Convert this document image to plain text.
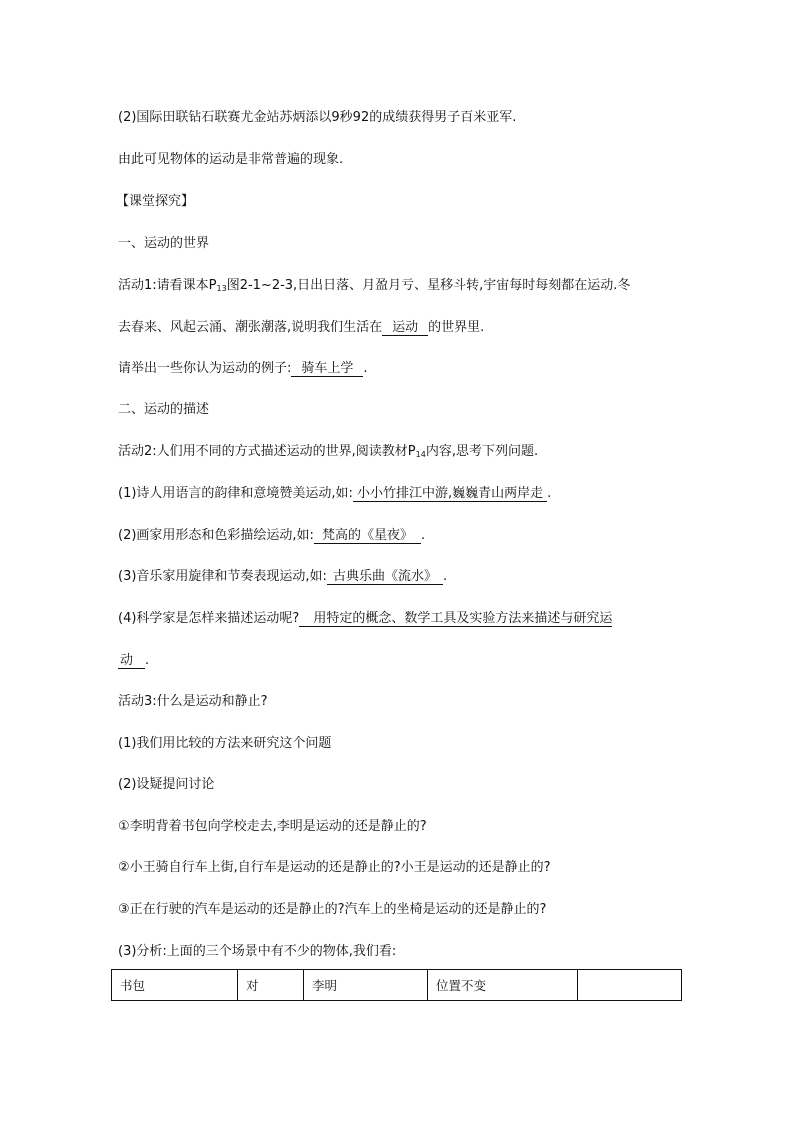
(2)国际田联钻石联赛尤金站苏炳添以9秒92的成绩获得男子百米亚军.
由此可见物体的运动是非常普遍的现象.
【课堂探究】
一、运动的世界
活动1:请看课本$P_{13}$图2-1~2-3,日出日落、月盈月亏、星移斗转,宇宙每时每刻都在运动.冬
去春来、风起云涌、潮张潮落,说明我们生活在 运动 的世界里.
请举出一些你认为运动的例子: 骑车上学 .
二、运动的描述
活动2:人们用不同的方式描述运动的世界,阅读教材$P_{14}$内容,思考下列问题.
(1)诗人用语言的韵律和意境赞美运动,如: 小小竹排江中游,巍巍青山两岸走 .
(2)画家用形态和色彩描绘运动,如: 梵高的《星夜》 .
(3)音乐家用旋律和节奏表现运动,如: 古典乐曲《流水》 .
(4)科学家是怎样来描述运动呢? 用特定的概念、数学工具及实验方法来描述与研究运
动 .
活动3:什么是运动和静止?
(1)我们用比较的方法来研究这个问题
(2)设疑提问讨论
①李明背着书包向学校走去,李明是运动的还是静止的?
②小王骑自行车上街,自行车是运动的还是静止的?小王是运动的还是静止的?
③正在行驶的汽车是运动的还是静止的?汽车上的坐椅是运动的还是静止的?
(3)分析:上面的三个场景中有不少的物体,我们看:
书包	对	李明	位置不变	
